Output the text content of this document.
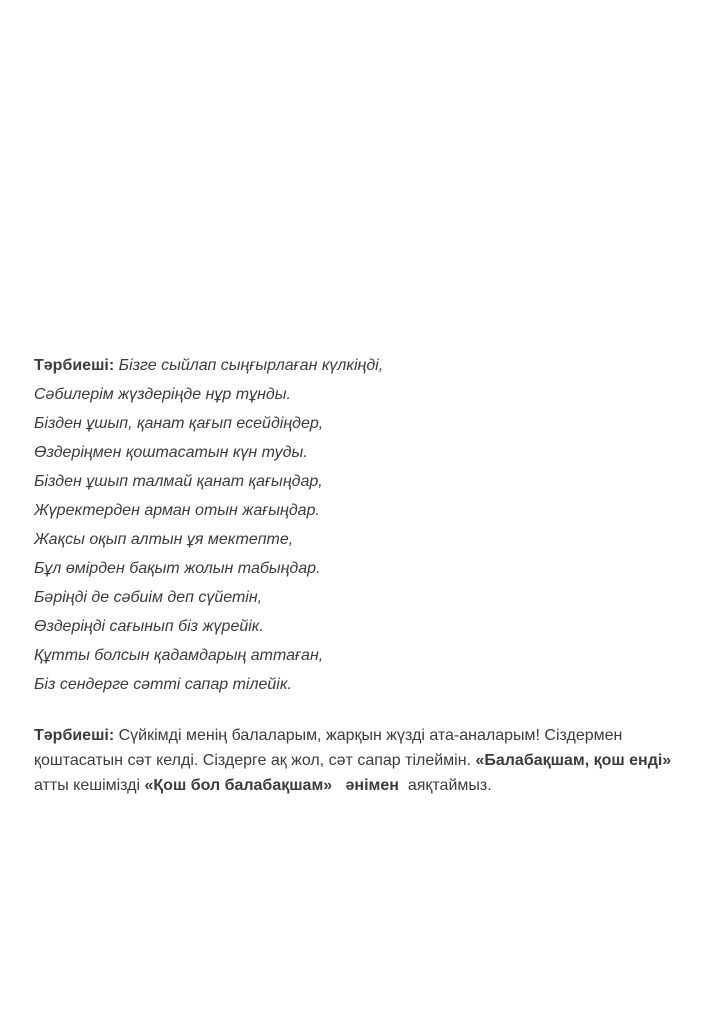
Тәрбиеші: Бізге сыйлап сыңғырлаған күлкіңді,
Сәбилерім жүздеріңде нұр тұнды.
Бізден ұшып, қанат қағып есейдіңдер,
Өздеріңмен қоштасатын күн туды.
Бізден ұшып талмай қанат қағыңдар,
Жүректерден арман отын жағыңдар.
Жақсы оқып алтын ұя мектепте,
Бұл өмірден бақыт жолын табыңдар.
Бәріңді де сәбиім деп сүйетін,
Өздеріңді сағынып біз жүрейік.
Құтты болсын қадамдарың аттаған,
Біз сендерге сәтті сапар тілейік.
Тәрбиеші: Сүйкімді менің балаларым, жарқын жүзді ата-аналарым! Сіздермен қоштасатын сәт келді. Сіздерге ақ жол, сәт сапар тілеймін. «Балабақшам, қош енді» атты кешімізді «Қош бол балабақшам» әнімен  аяқтаймыз.
